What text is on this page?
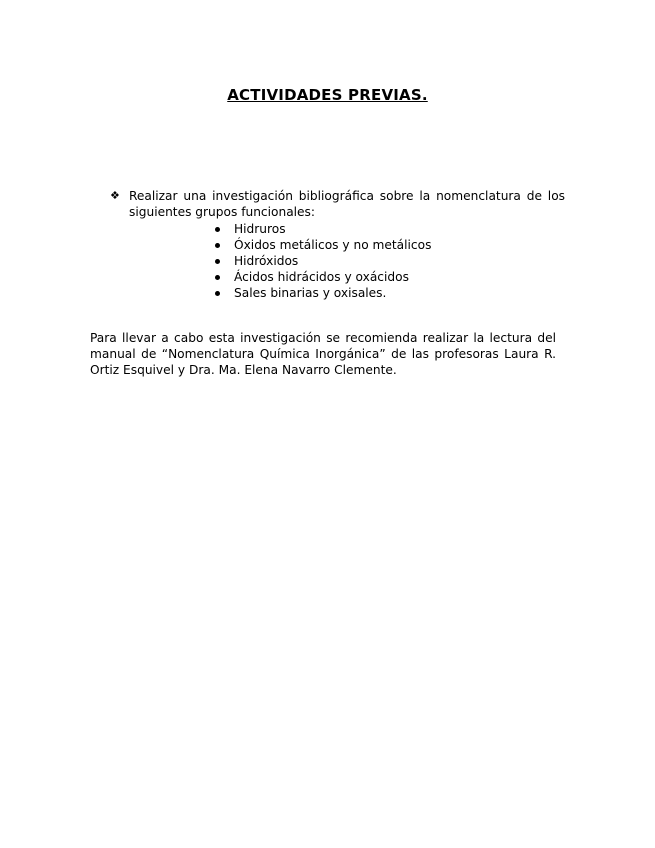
ACTIVIDADES PREVIAS.
❖ Realizar una investigación bibliográfica sobre la nomenclatura de los siguientes grupos funcionales:
Hidruros
Óxidos metálicos y no metálicos
Hidróxidos
Ácidos hidrácidos y oxácidos
Sales binarias y oxisales.
Para llevar a cabo esta investigación se recomienda realizar la lectura del manual de “Nomenclatura Química Inorgánica” de las profesoras Laura R. Ortiz Esquivel y Dra. Ma. Elena Navarro Clemente.
